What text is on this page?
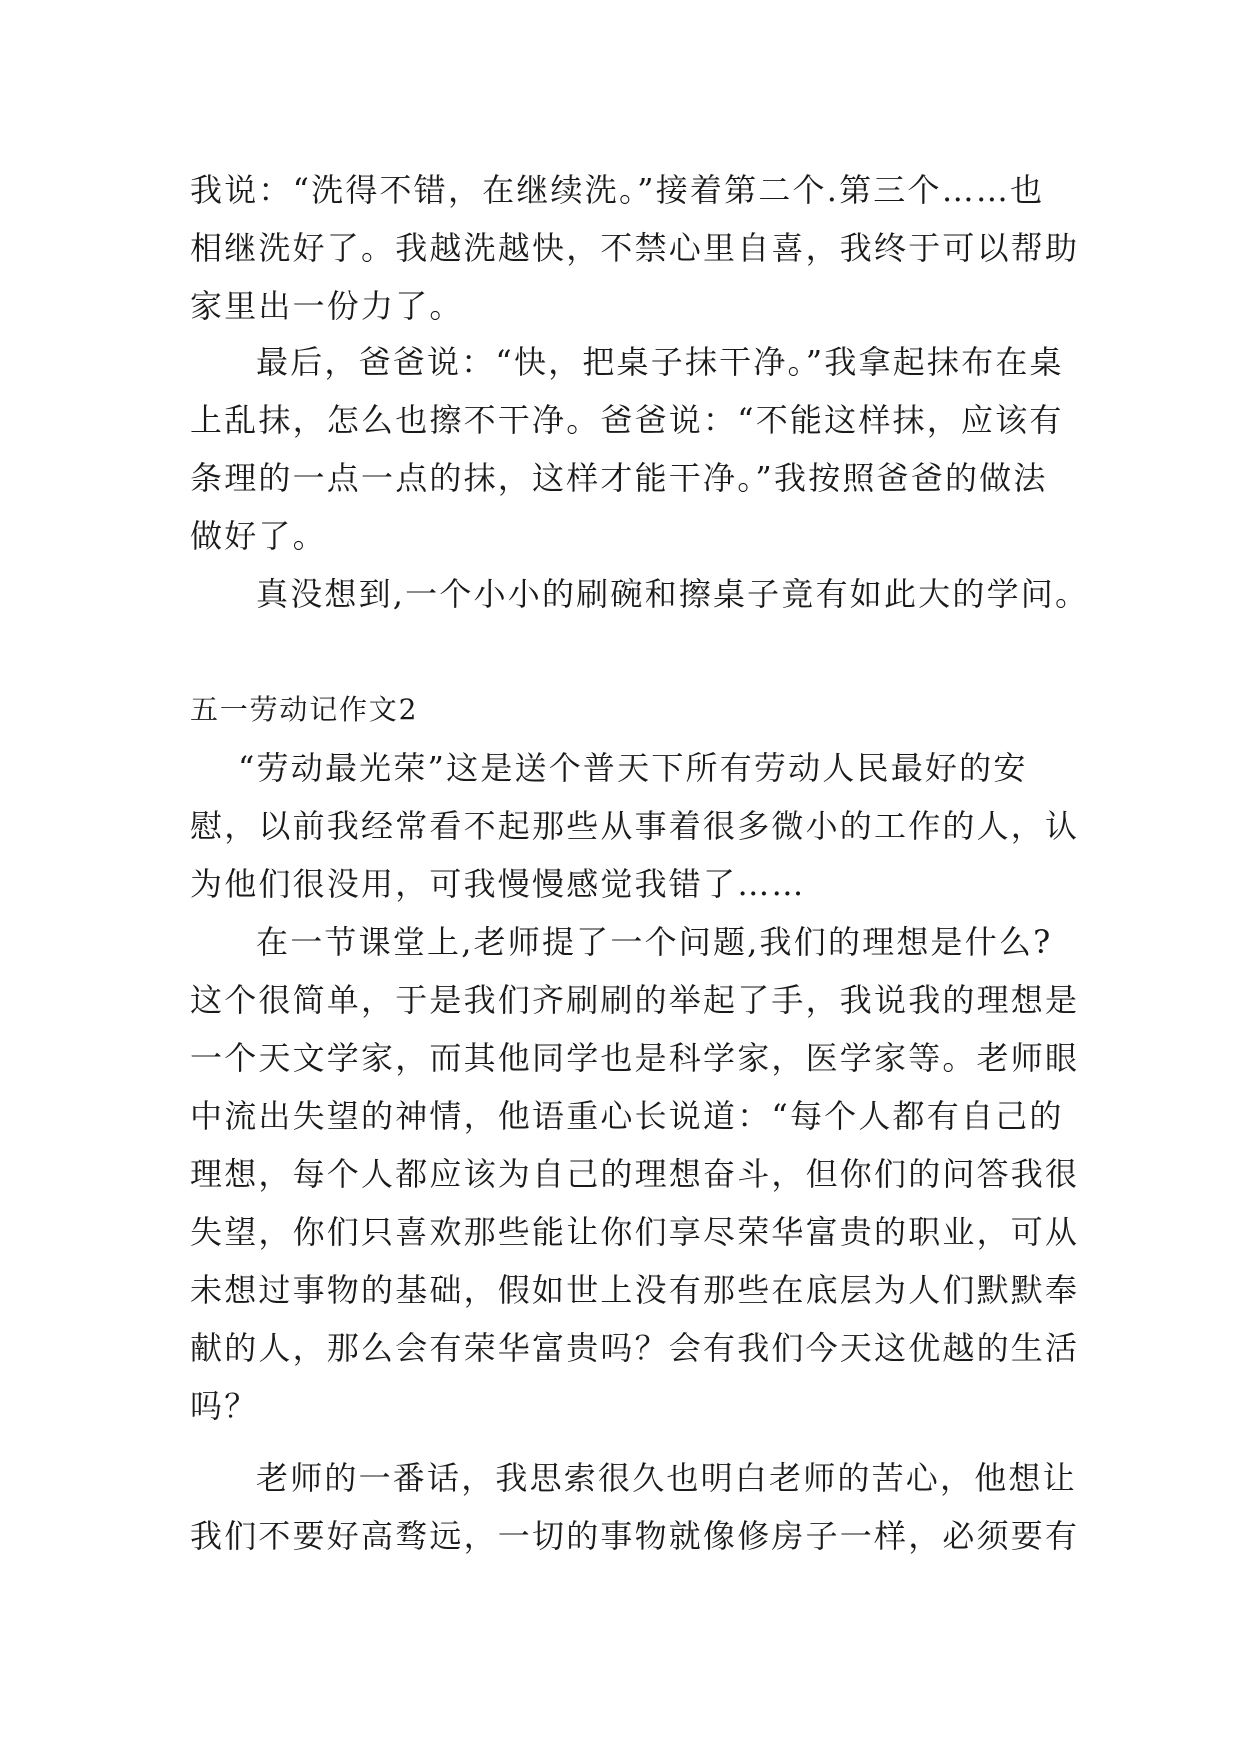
我说：“洗得不错，在继续洗。”接着第二个.第三个……也
相继洗好了。我越洗越快，不禁心里自喜，我终于可以帮助
家里出一份力了。
最后，爸爸说：“快，把桌子抹干净。”我拿起抹布在桌
上乱抹，怎么也擦不干净。爸爸说：“不能这样抹，应该有
条理的一点一点的抹，这样才能干净。”我按照爸爸的做法
做好了。
真没想到,一个小小的刷碗和擦桌子竟有如此大的学问。
五一劳动记作文2
“劳动最光荣”这是送个普天下所有劳动人民最好的安
慰，以前我经常看不起那些从事着很多微小的工作的人，认
为他们很没用，可我慢慢感觉我错了……
在一节课堂上,老师提了一个问题,我们的理想是什么?
这个很简单，于是我们齐刷刷的举起了手，我说我的理想是
一个天文学家，而其他同学也是科学家，医学家等。老师眼
中流出失望的神情，他语重心长说道：“每个人都有自己的
理想，每个人都应该为自己的理想奋斗，但你们的问答我很
失望，你们只喜欢那些能让你们享尽荣华富贵的职业，可从
未想过事物的基础，假如世上没有那些在底层为人们默默奉
献的人，那么会有荣华富贵吗？会有我们今天这优越的生活
吗？
老师的一番话，我思索很久也明白老师的苦心，他想让
我们不要好高骛远，一切的事物就像修房子一样，必须要有
